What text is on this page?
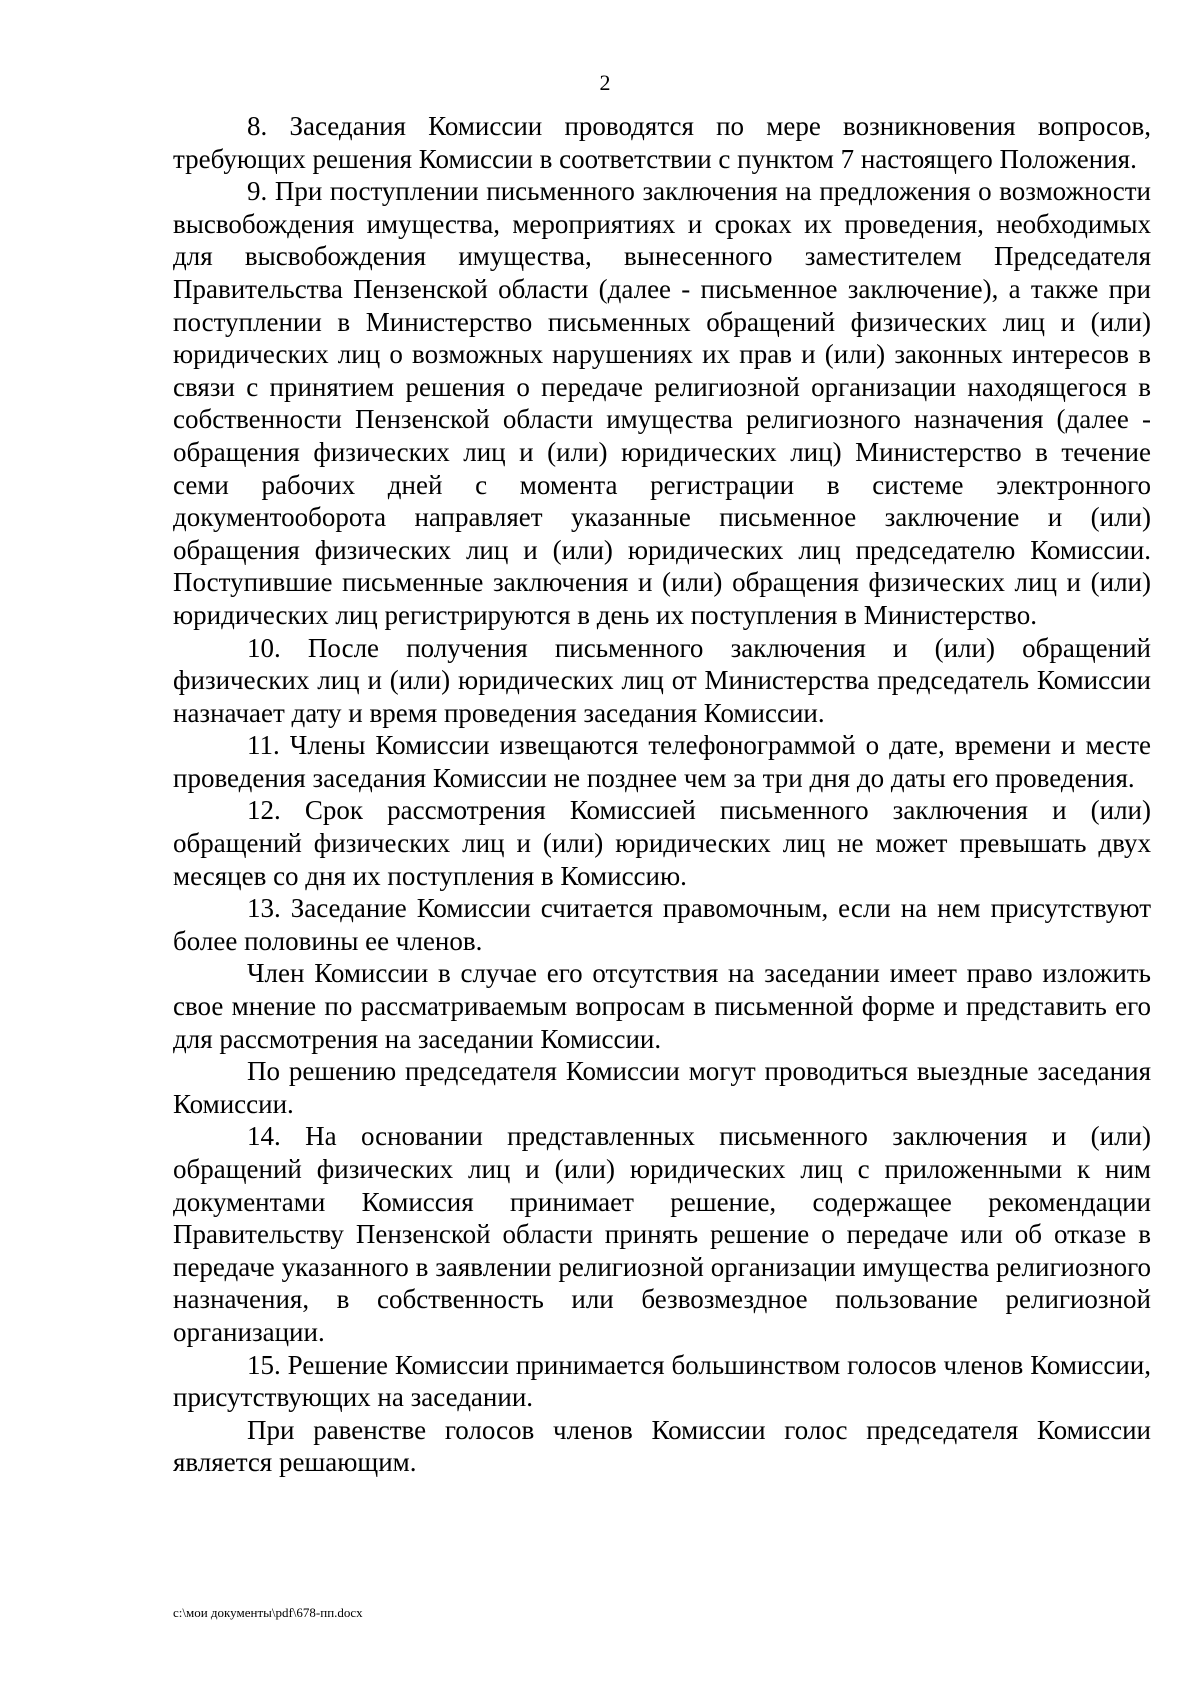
2

8. Заседания Комиссии проводятся по мере возникновения вопросов, требующих решения Комиссии в соответствии с пунктом 7 настоящего Положения.

9. При поступлении письменного заключения на предложения о возможности высвобождения имущества, мероприятиях и сроках их проведения, необходимых для высвобождения имущества, вынесенного заместителем Председателя Правительства Пензенской области (далее - письменное заключение), а также при поступлении в Министерство письменных обращений физических лиц и (или) юридических лиц о возможных нарушениях их прав и (или) законных интересов в связи с принятием решения о передаче религиозной организации находящегося в собственности Пензенской области имущества религиозного назначения (далее - обращения физических лиц и (или) юридических лиц) Министерство в течение семи рабочих дней с момента регистрации в системе электронного документооборота направляет указанные письменное заключение и (или) обращения физических лиц и (или) юридических лиц председателю Комиссии. Поступившие письменные заключения и (или) обращения физических лиц и (или) юридических лиц регистрируются в день их поступления в Министерство.

10. После получения письменного заключения и (или) обращений физических лиц и (или) юридических лиц от Министерства председатель Комиссии назначает дату и время проведения заседания Комиссии.

11. Члены Комиссии извещаются телефонограммой о дате, времени и месте проведения заседания Комиссии не позднее чем за три дня до даты его проведения.

12. Срок рассмотрения Комиссией письменного заключения и (или) обращений физических лиц и (или) юридических лиц не может превышать двух месяцев со дня их поступления в Комиссию.

13. Заседание Комиссии считается правомочным, если на нем присутствуют более половины ее членов.

Член Комиссии в случае его отсутствия на заседании имеет право изложить свое мнение по рассматриваемым вопросам в письменной форме и представить его для рассмотрения на заседании Комиссии.

По решению председателя Комиссии могут проводиться выездные заседания Комиссии.

14. На основании представленных письменного заключения и (или) обращений физических лиц и (или) юридических лиц с приложенными к ним документами Комиссия принимает решение, содержащее рекомендации Правительству Пензенской области принять решение о передаче или об отказе в передаче указанного в заявлении религиозной организации имущества религиозного назначения, в собственность или безвозмездное пользование религиозной организации.

15. Решение Комиссии принимается большинством голосов членов Комиссии, присутствующих на заседании.

При равенстве голосов членов Комиссии голос председателя Комиссии является решающим.

c:\мои документы\pdf\678-пп.docx
